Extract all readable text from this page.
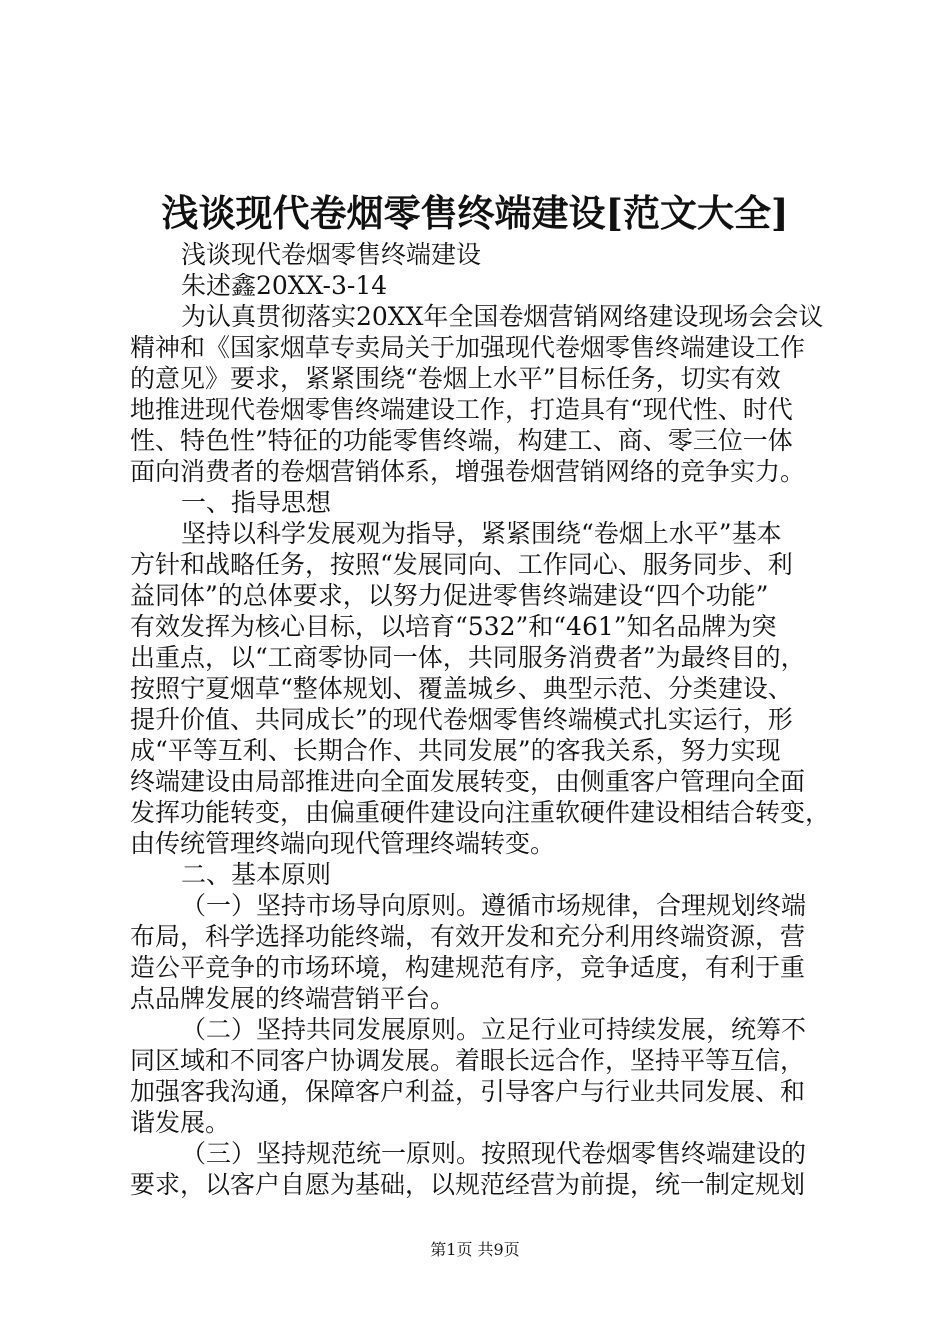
浅谈现代卷烟零售终端建设[范文大全]
浅谈现代卷烟零售终端建设
朱述鑫20XX-3-14
为认真贯彻落实20XX年全国卷烟营销网络建设现场会会议
精神和《国家烟草专卖局关于加强现代卷烟零售终端建设工作
的意见》要求，紧紧围绕“卷烟上水平”目标任务，切实有效
地推进现代卷烟零售终端建设工作，打造具有“现代性、时代
性、特色性”特征的功能零售终端，构建工、商、零三位一体
面向消费者的卷烟营销体系，增强卷烟营销网络的竞争实力。
一、指导思想
坚持以科学发展观为指导，紧紧围绕“卷烟上水平”基本
方针和战略任务，按照“发展同向、工作同心、服务同步、利
益同体”的总体要求，以努力促进零售终端建设“四个功能”
有效发挥为核心目标，以培育“532”和“461”知名品牌为突
出重点，以“工商零协同一体，共同服务消费者”为最终目的，
按照宁夏烟草“整体规划、覆盖城乡、典型示范、分类建设、
提升价值、共同成长”的现代卷烟零售终端模式扎实运行，形
成“平等互利、长期合作、共同发展”的客我关系，努力实现
终端建设由局部推进向全面发展转变，由侧重客户管理向全面
发挥功能转变，由偏重硬件建设向注重软硬件建设相结合转变，
由传统管理终端向现代管理终端转变。
二、基本原则
（一）坚持市场导向原则。遵循市场规律，合理规划终端
布局，科学选择功能终端，有效开发和充分利用终端资源，营
造公平竞争的市场环境，构建规范有序，竞争适度，有利于重
点品牌发展的终端营销平台。
（二）坚持共同发展原则。立足行业可持续发展，统筹不
同区域和不同客户协调发展。着眼长远合作，坚持平等互信，
加强客我沟通，保障客户利益，引导客户与行业共同发展、和
谐发展。
（三）坚持规范统一原则。按照现代卷烟零售终端建设的
要求，以客户自愿为基础，以规范经营为前提，统一制定规划
第1页 共9页
